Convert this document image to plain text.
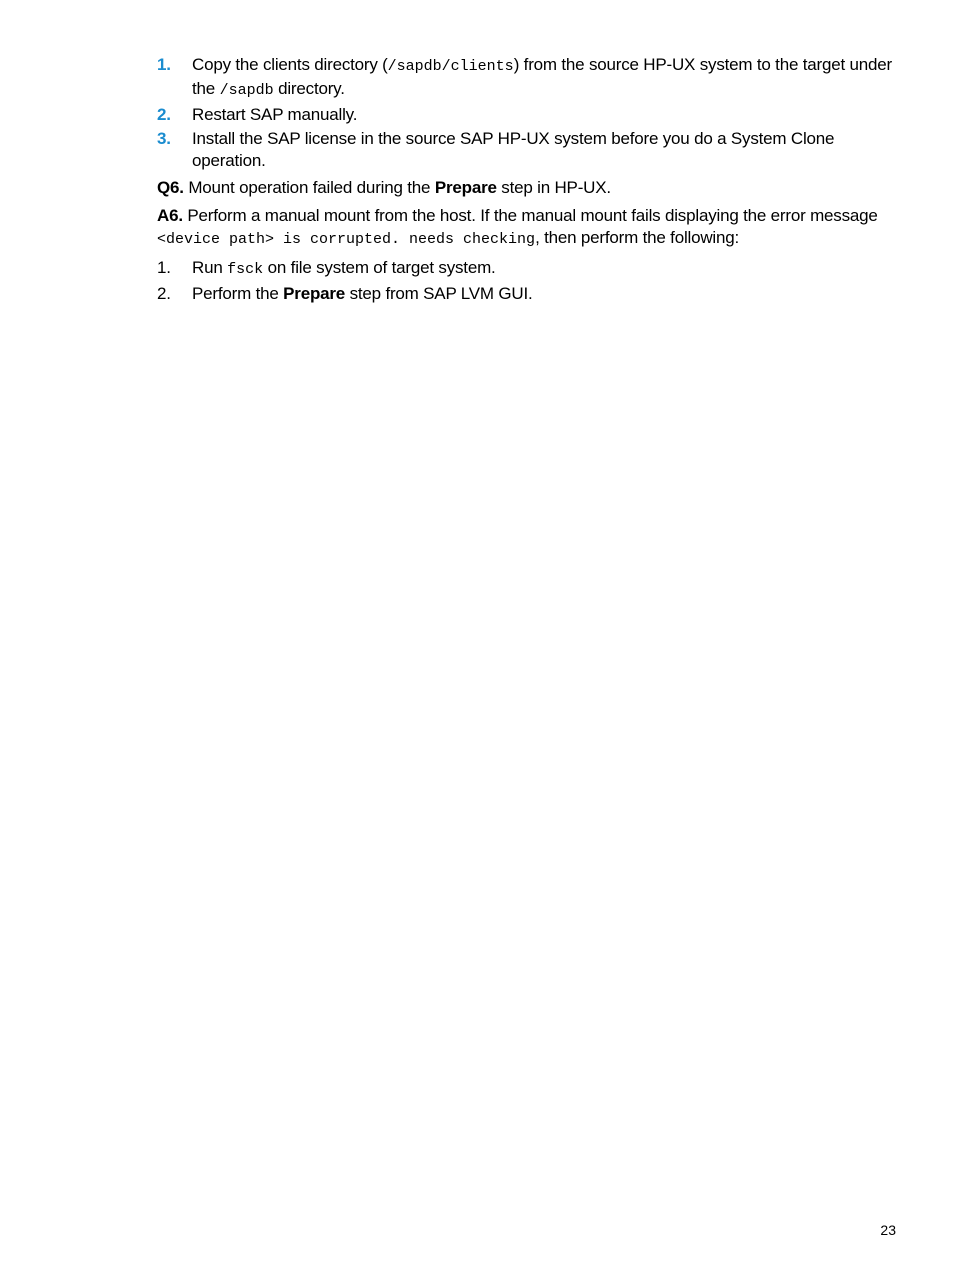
1.	Copy the clients directory (/sapdb/clients) from the source HP-UX system to the target under the /sapdb directory.
2.	Restart SAP manually.
3.	Install the SAP license in the source SAP HP-UX system before you do a System Clone operation.
Q6. Mount operation failed during the Prepare step in HP-UX.
A6. Perform a manual mount from the host. If the manual mount fails displaying the error message <device path> is corrupted. needs checking, then perform the following:
1.	Run fsck on file system of target system.
2.	Perform the Prepare step from SAP LVM GUI.
23
